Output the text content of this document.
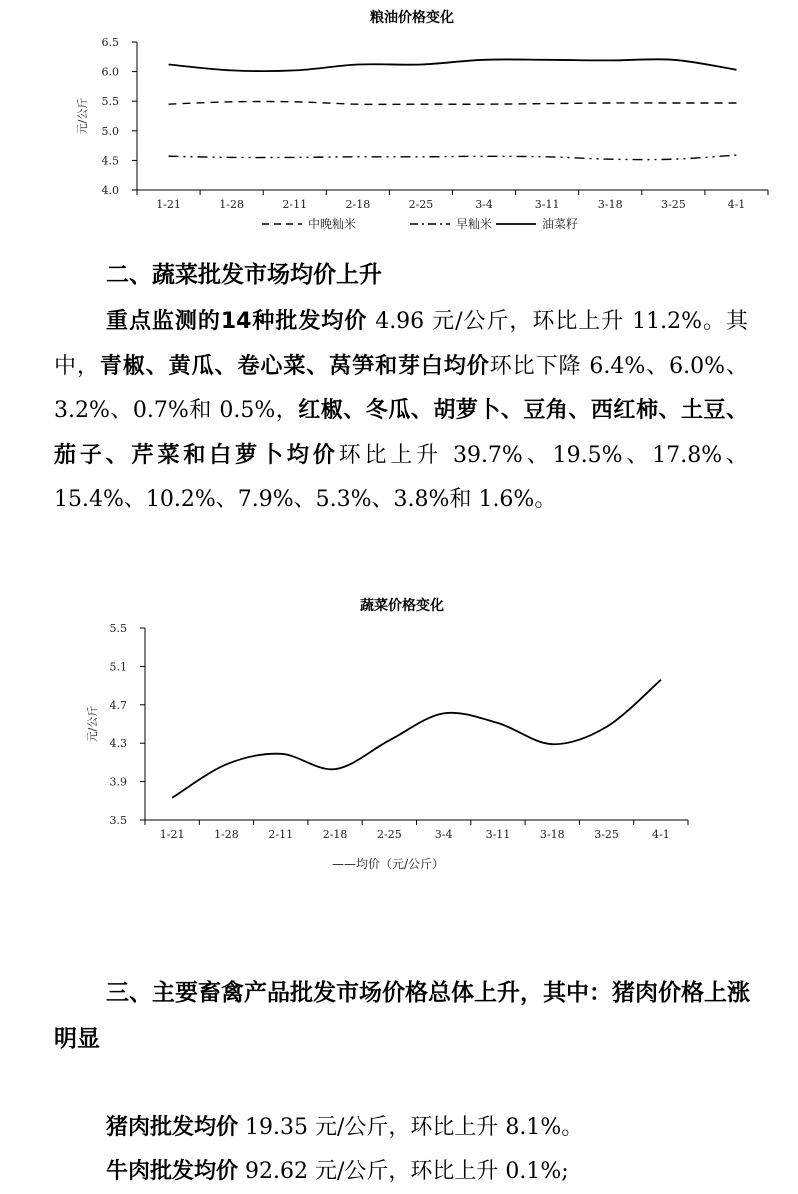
粮油价格变化
6.5
6.0
5.5
5.0
4.5
4.0
1-21	1-28	2-11	2-18	2-25	3-4	3-11	3-18	3-25	4-1
元/公斤
中晚籼米	早籼米	油菜籽
二、蔬菜批发市场均价上升

重点监测的14种批发均价 4.96 元/公斤，环比上升 11.2%。其中，青椒、黄瓜、卷心菜、莴笋和芽白均价环比下降 6.4%、6.0%、3.2%、0.7%和 0.5%，红椒、冬瓜、胡萝卜、豆角、西红柿、土豆、茄子、芹菜和白萝卜均价环比上升 39.7%、19.5%、17.8%、15.4%、10.2%、7.9%、5.3%、3.8%和 1.6%。

蔬菜价格变化
5.5
5.1
4.7
4.3
3.9
3.5
1-21	1-28	2-11	2-18	2-25	3-4	3-11	3-18	3-25	4-1
元/公斤
——均价（元/公斤）
三、主要畜禽产品批发市场价格总体上升，其中：猪肉价格上涨明显

猪肉批发均价 19.35 元/公斤，环比上升 8.1%。

牛肉批发均价 92.62 元/公斤，环比上升 0.1%;
